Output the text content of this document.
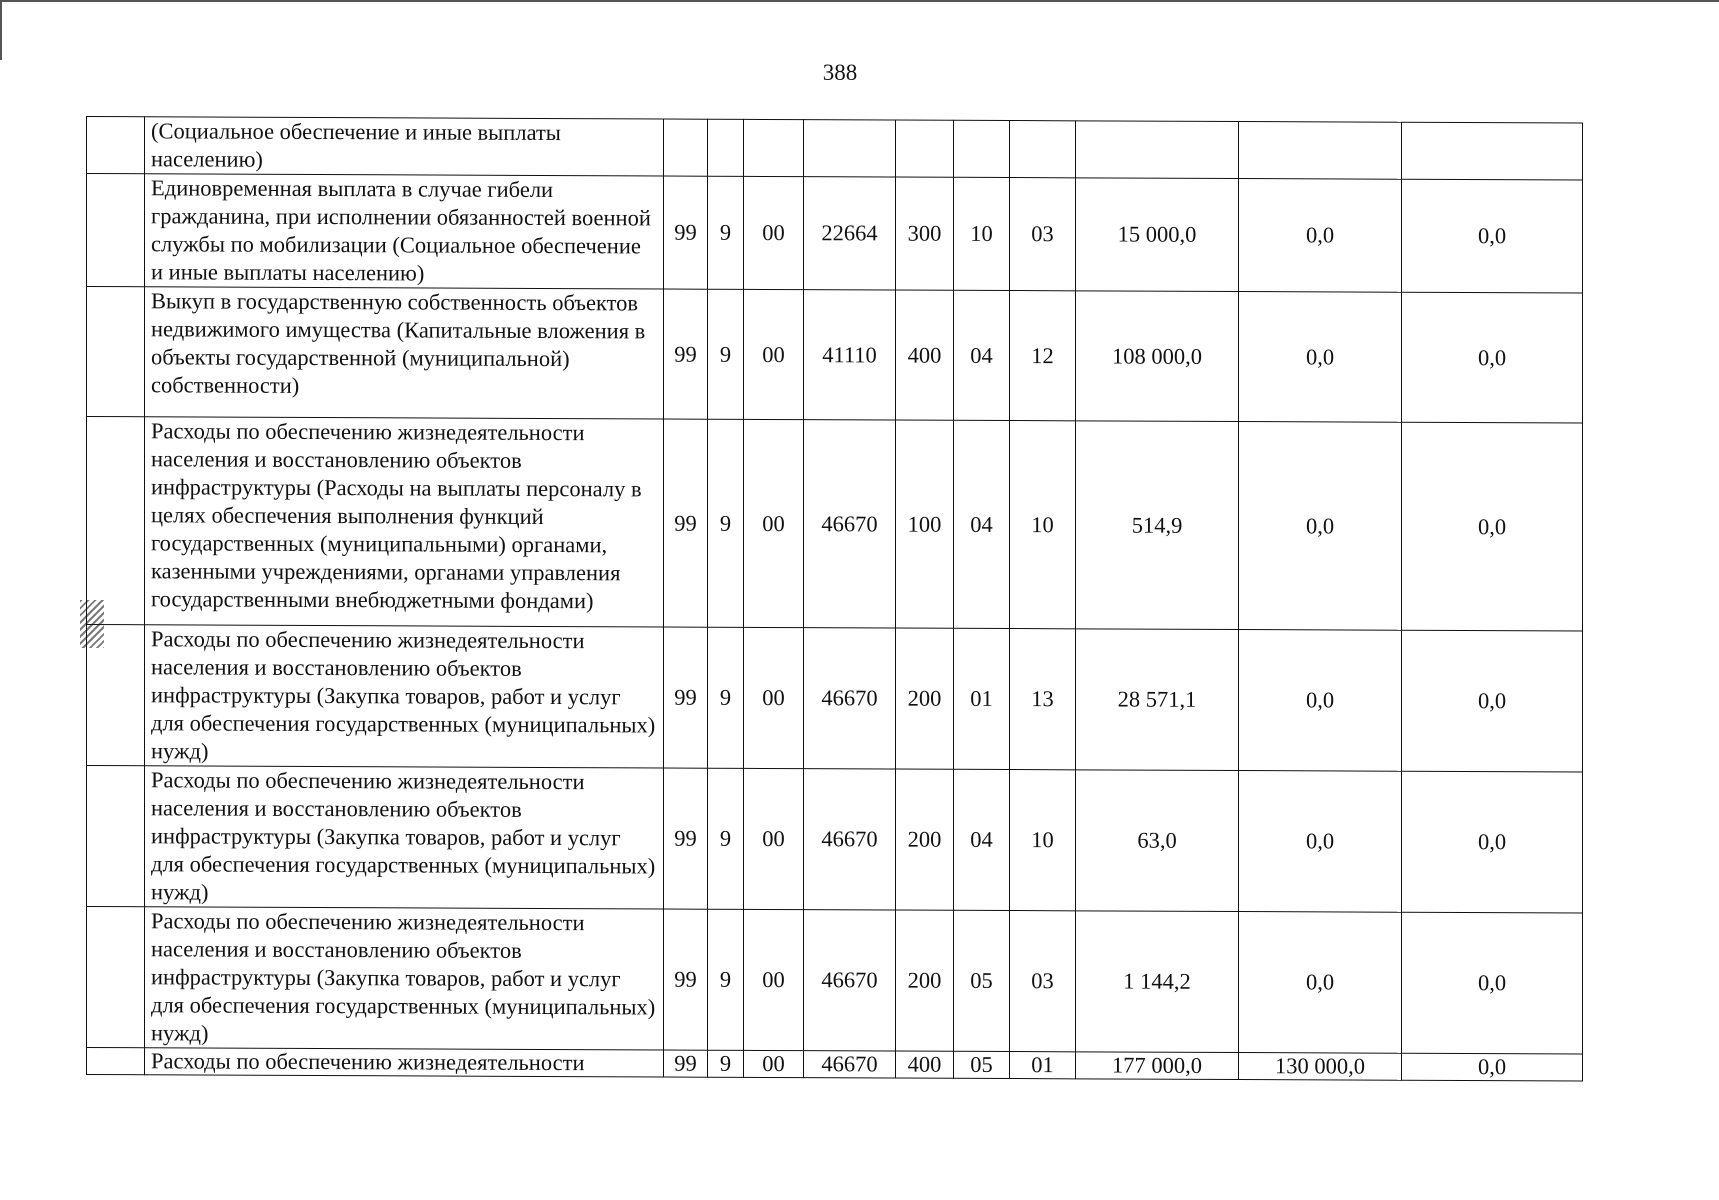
388
	(Социальное обеспечение и иные выплаты населению)										
	Единовременная выплата в случае гибели гражданина, при исполнении обязанностей военной службы по мобилизации (Социальное обеспечение и иные выплаты населению)	99	9	00	22664	300	10	03	15 000,0	0,0	0,0
	Выкуп в государственную собственность объектов недвижимого имущества (Капитальные вложения в объекты государственной (муниципальной) собственности)	99	9	00	41110	400	04	12	108 000,0	0,0	0,0
	Расходы по обеспечению жизнедеятельности населения и восстановлению объектов инфраструктуры (Расходы на выплаты персоналу в целях обеспечения выполнения функций государственных (муниципальными) органами, казенными учреждениями, органами управления государственными внебюджетными фондами)	99	9	00	46670	100	04	10	514,9	0,0	0,0
	Расходы по обеспечению жизнедеятельности населения и восстановлению объектов инфраструктуры (Закупка товаров, работ и услуг для обеспечения государственных (муниципальных) нужд)	99	9	00	46670	200	01	13	28 571,1	0,0	0,0
	Расходы по обеспечению жизнедеятельности населения и восстановлению объектов инфраструктуры (Закупка товаров, работ и услуг для обеспечения государственных (муниципальных) нужд)	99	9	00	46670	200	04	10	63,0	0,0	0,0
	Расходы по обеспечению жизнедеятельности населения и восстановлению объектов инфраструктуры (Закупка товаров, работ и услуг для обеспечения государственных (муниципальных) нужд)	99	9	00	46670	200	05	03	1 144,2	0,0	0,0
	Расходы по обеспечению жизнедеятельности	99	9	00	46670	400	05	01	177 000,0	130 000,0	0,0
